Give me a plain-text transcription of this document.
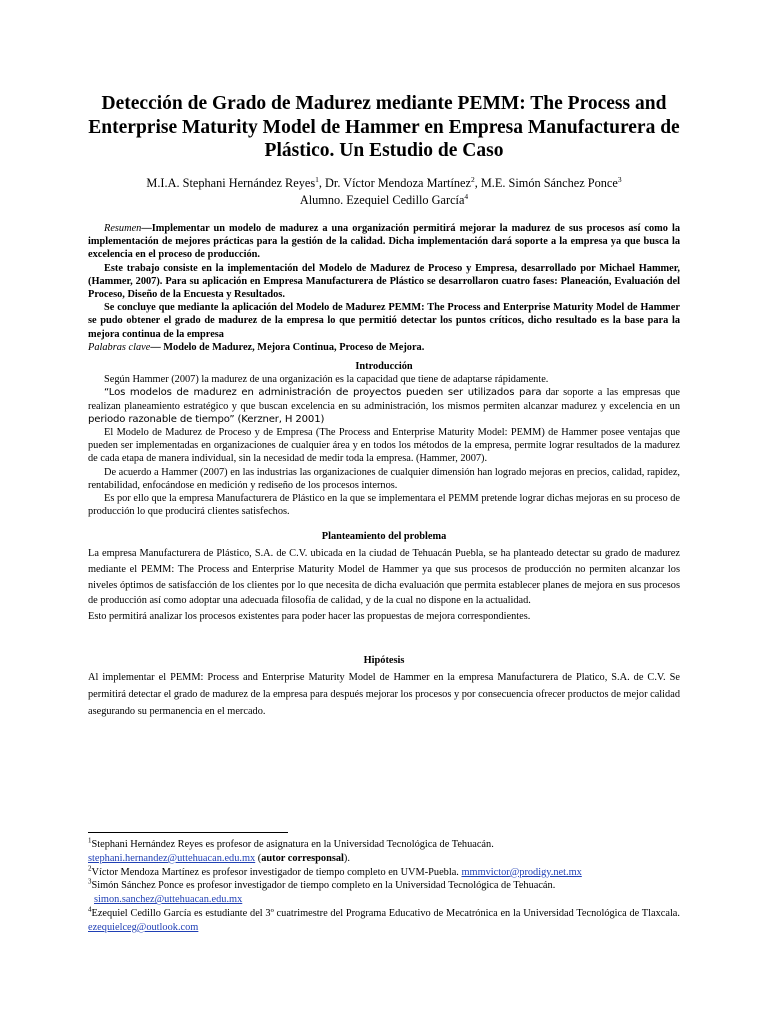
Detección de Grado de Madurez mediante PEMM: The Process and Enterprise Maturity Model de Hammer en Empresa Manufacturera de Plástico. Un Estudio de Caso
M.I.A. Stephani Hernández Reyes$^1$, Dr. Víctor Mendoza Martínez$^2$, M.E. Simón Sánchez Ponce$^3$
Alumno. Ezequiel Cedillo García$^4$

Resumen—Implementar un modelo de madurez a una organización permitirá mejorar la madurez de sus procesos así como la implementación de mejores prácticas para la gestión de la calidad. Dicha implementación dará soporte a la empresa ya que busca la excelencia en el proceso de producción.

Este trabajo consiste en la implementación del Modelo de Madurez de Proceso y Empresa, desarrollado por Michael Hammer, (Hammer, 2007). Para su aplicación en Empresa Manufacturera de Plástico se desarrollaron cuatro fases: Planeación, Evaluación del Proceso, Diseño de la Encuesta y Resultados.

Se concluye que mediante la aplicación del Modelo de Madurez PEMM: The Process and Enterprise Maturity Model de Hammer se pudo obtener el grado de madurez de la empresa lo que permitió detectar los puntos críticos, dicho resultado es la base para la mejora continua de la empresa

Palabras clave— Modelo de Madurez, Mejora Continua, Proceso de Mejora.

Introducción

Según Hammer (2007) la madurez de una organización es la capacidad que tiene de adaptarse rápidamente.

“Los modelos de madurez en administración de proyectos pueden ser utilizados para dar soporte a las empresas que realizan planeamiento estratégico y que buscan excelencia en su administración, los mismos permiten alcanzar madurez y excelencia en un periodo razonable de tiempo” (Kerzner, H 2001)

El Modelo de Madurez de Proceso y de Empresa (The Process and Enterprise Maturity Model: PEMM) de Hammer posee ventajas que pueden ser implementadas en organizaciones de cualquier área y en todos los métodos de la empresa, permite lograr resultados de la madurez de cada etapa de manera individual, sin la necesidad de medir toda la empresa. (Hammer, 2007).

De acuerdo a Hammer (2007) en las industrias las organizaciones de cualquier dimensión han logrado mejoras en precios, calidad, rapidez, rentabilidad, enfocándose en medición y rediseño de los procesos internos.

Es por ello que la empresa Manufacturera de Plástico en la que se implementara el PEMM pretende lograr dichas mejoras en su proceso de producción lo que producirá clientes satisfechos.

Planteamiento del problema

La empresa Manufacturera de Plástico, S.A. de C.V. ubicada en la ciudad de Tehuacán Puebla, se ha planteado detectar su grado de madurez mediante el PEMM: The Process and Enterprise Maturity Model de Hammer ya que sus procesos de producción no permiten alcanzar los niveles óptimos de satisfacción de los clientes por lo que necesita de dicha evaluación que permita establecer planes de mejora en sus procesos de producción así como adoptar una adecuada filosofía de calidad, y de la cual no dispone en la actualidad.

Esto permitirá analizar los procesos existentes para poder hacer las propuestas de mejora correspondientes.

Hipótesis

Al implementar el PEMM: Process and Enterprise Maturity Model de Hammer en la empresa Manufacturera de Platico, S.A. de C.V. Se permitirá detectar el grado de madurez de la empresa para después mejorar los procesos y por consecuencia ofrecer productos de mejor calidad asegurando su permanencia en el mercado.

$^1$Stephani Hernández Reyes es profesor de asignatura en la Universidad Tecnológica de Tehuacán.

stephani.hernandez@uttehuacan.edu.mx (autor corresponsal).

$^2$Víctor Mendoza Martínez es profesor investigador de tiempo completo en UVM-Puebla. mmmvictor@prodigy.net.mx

$^3$Simón Sánchez Ponce es profesor investigador de tiempo completo en la Universidad Tecnológica de Tehuacán.

simon.sanchez@uttehuacan.edu.mx

$^4$Ezequiel Cedillo García es estudiante del 3º cuatrimestre del Programa Educativo de Mecatrónica en la Universidad Tecnológica de Tlaxcala. ezequielceg@outlook.com
